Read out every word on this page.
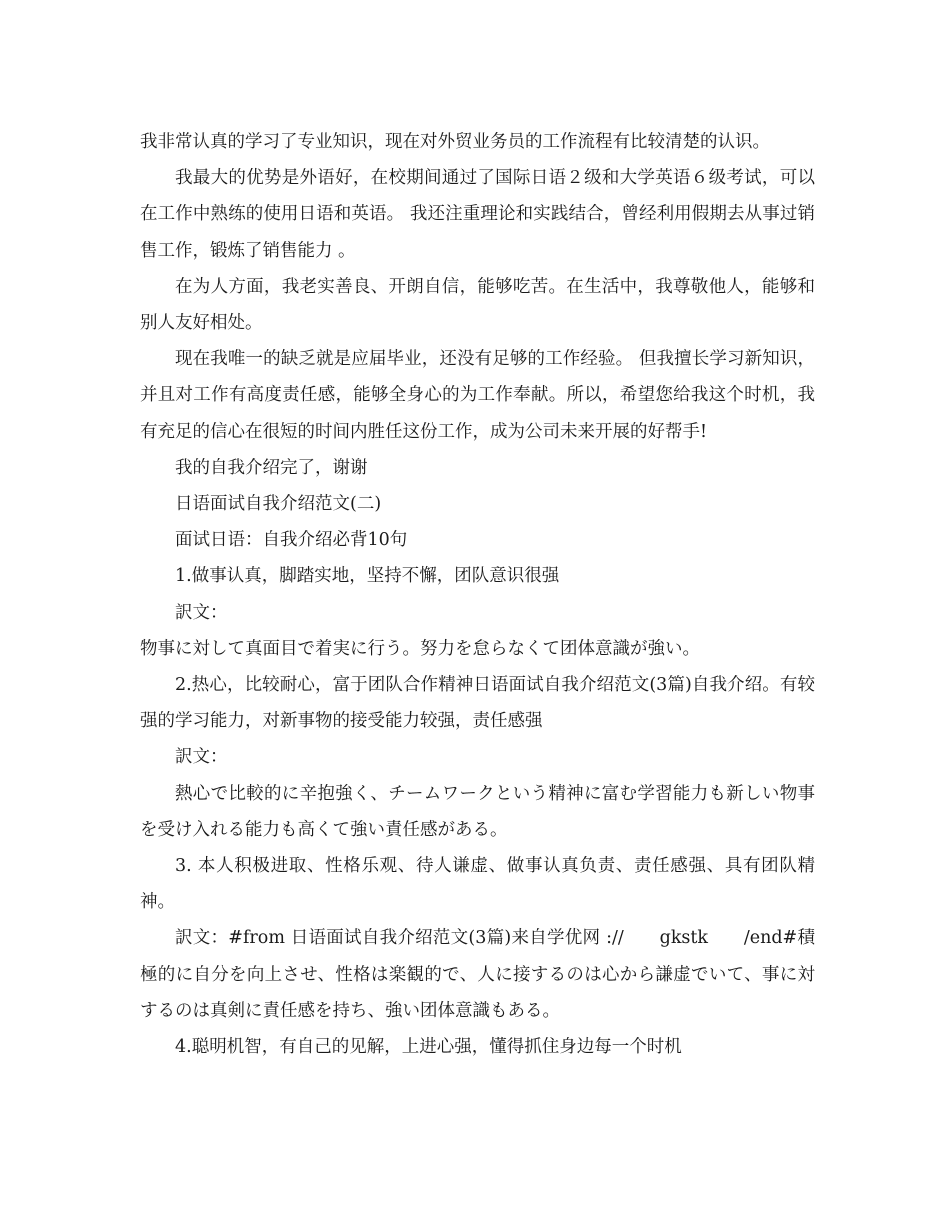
我非常认真的学习了专业知识，现在对外贸业务员的工作流程有比较清楚的认识。

我最大的优势是外语好，在校期间通过了国际日语２级和大学英语６级考试，可以在工作中熟练的使用日语和英语。 我还注重理论和实践结合，曾经利用假期去从事过销售工作，锻炼了销售能力 。

在为人方面，我老实善良、开朗自信，能够吃苦。在生活中，我尊敬他人，能够和别人友好相处。

现在我唯一的缺乏就是应届毕业，还没有足够的工作经验。 但我擅长学习新知识，并且对工作有高度责任感，能够全身心的为工作奉献。所以，希望您给我这个时机，我有充足的信心在很短的时间内胜任这份工作，成为公司未来开展的好帮手!

我的自我介绍完了，谢谢

日语面试自我介绍范文(二)

面试日语：自我介绍必背10句

1.做事认真，脚踏实地，坚持不懈，团队意识很强

訳文：

物事に対して真面目で着実に行う。努力を怠らなくて团体意識が強い。

2.热心，比较耐心，富于团队合作精神日语面试自我介绍范文(3篇)自我介绍。有较强的学习能力，对新事物的接受能力较强，责任感强

訳文：

熱心で比較的に辛抱強く、チームワークという精神に富む学習能力も新しい物事を受け入れる能力も高くて強い責任感がある。

3. 本人积极进取、性格乐观、待人谦虚、做事认真负责、责任感强、具有团队精神。

訳文：#from 日语面试自我介绍范文(3篇)来自学优网 ://　　gkstk　　/end#積極的に自分を向上させ、性格は楽観的で、人に接するのは心から謙虚でいて、事に対するのは真剣に責任感を持ち、強い团体意識もある。

4.聪明机智，有自己的见解，上进心强，懂得抓住身边每一个时机
